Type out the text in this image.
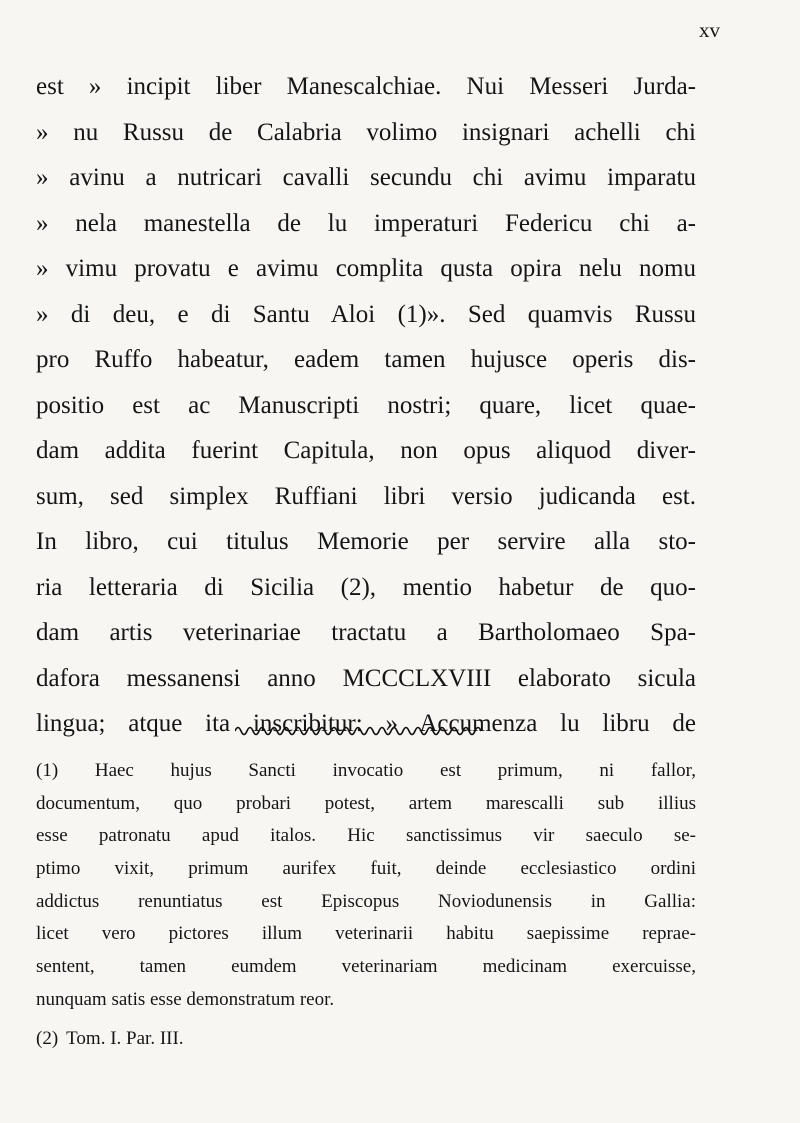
xv
est » incipit liber Manescalchiae. Nui Messeri Jurda-
» nu Russu de Calabria volimo insignari achelli chi
» avinu a nutricari cavalli secundu chi avimu imparatu
» nela manestella de lu imperaturi Federicu chi a-
» vimu provatu e avimu complita qusta opira nelu nomu
» di deu, e di Santu Aloi (1)». Sed quamvis Russu
pro Ruffo habeatur, eadem tamen hujusce operis dis-
positio est ac Manuscripti nostri; quare, licet quae-
dam addita fuerint Capitula, non opus aliquod diver-
sum, sed simplex Ruffiani libri versio judicanda est.
In libro, cui titulus Memorie per servire alla sto-
ria letteraria di Sicilia (2), mentio habetur de quo-
dam artis veterinariae tractatu a Bartholomaeo Spa-
dafora messanensi anno MCCCLXVIII elaborato sicula
lingua; atque ita inscribitur: » Accumenza lu libru de
(1) Haec hujus Sancti invocatio est primum, ni fallor,
documentum, quo probari potest, artem marescalli sub illius
esse patronatu apud italos. Hic sanctissimus vir saeculo se-
ptimo vixit, primum aurifex fuit, deinde ecclesiastico ordini
addictus renuntiatus est Episcopus Noviodunensis in Gallia:
licet vero pictores illum veterinarii habitu saepissime reprae-
sentent, tamen eumdem veterinariam medicinam exercuisse,
nunquam satis esse demonstratum reor.
(2) Tom. I. Par. III.
